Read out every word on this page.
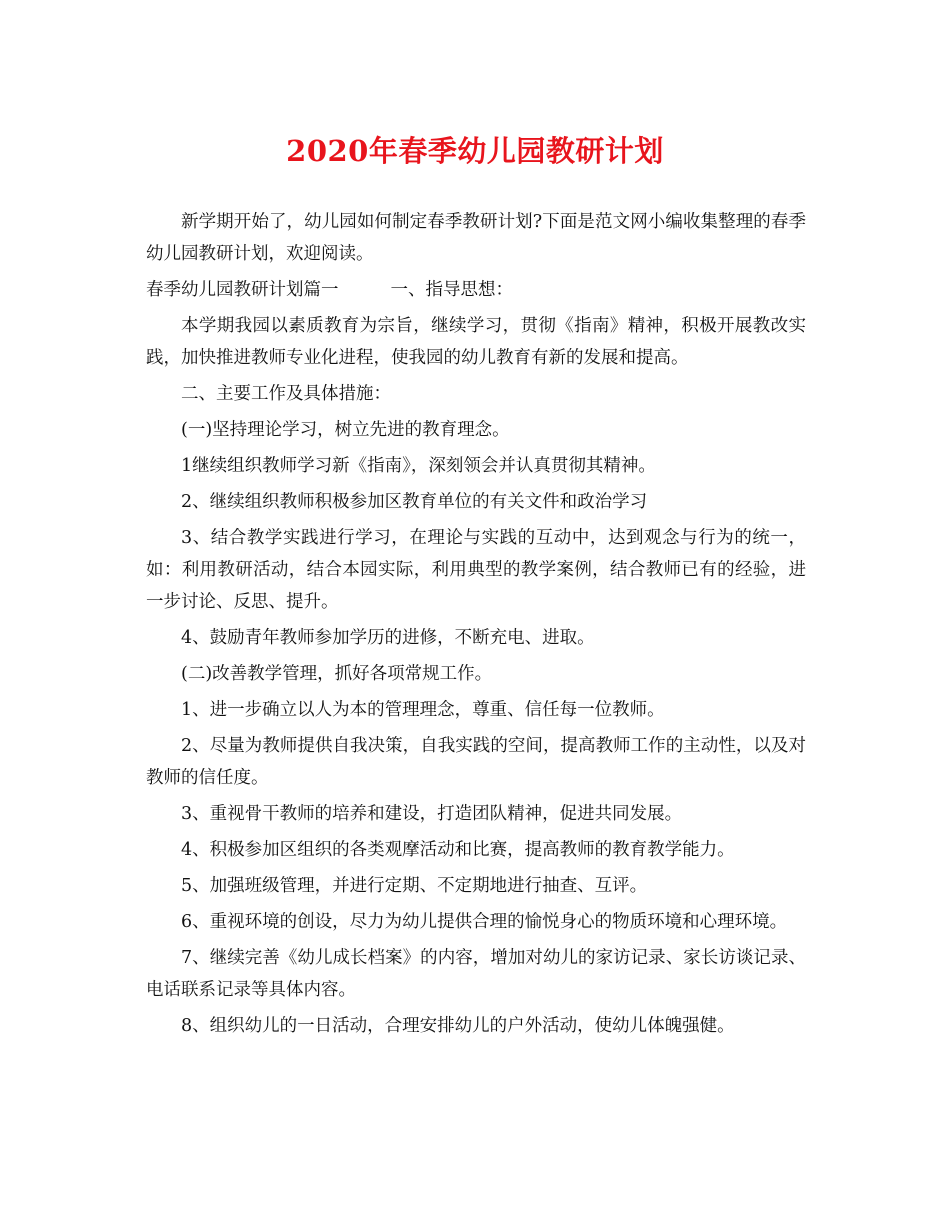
2020年春季幼儿园教研计划

新学期开始了，幼儿园如何制定春季教研计划?下面是范文网小编收集整理的春季幼儿园教研计划，欢迎阅读。

春季幼儿园教研计划篇一	一、指导思想：

本学期我园以素质教育为宗旨，继续学习，贯彻《指南》精神，积极开展教改实践，加快推进教师专业化进程，使我园的幼儿教育有新的发展和提高。

二、主要工作及具体措施：

(一)坚持理论学习，树立先进的教育理念。

1继续组织教师学习新《指南》，深刻领会并认真贯彻其精神。

2、继续组织教师积极参加区教育单位的有关文件和政治学习

3、结合教学实践进行学习，在理论与实践的互动中，达到观念与行为的统一，如：利用教研活动，结合本园实际，利用典型的教学案例，结合教师已有的经验，进一步讨论、反思、提升。

4、鼓励青年教师参加学历的进修，不断充电、进取。

(二)改善教学管理，抓好各项常规工作。

1、进一步确立以人为本的管理理念，尊重、信任每一位教师。

2、尽量为教师提供自我决策，自我实践的空间，提高教师工作的主动性，以及对教师的信任度。

3、重视骨干教师的培养和建设，打造团队精神，促进共同发展。

4、积极参加区组织的各类观摩活动和比赛，提高教师的教育教学能力。

5、加强班级管理，并进行定期、不定期地进行抽查、互评。

6、重视环境的创设，尽力为幼儿提供合理的愉悦身心的物质环境和心理环境。

7、继续完善《幼儿成长档案》的内容，增加对幼儿的家访记录、家长访谈记录、电话联系记录等具体内容。

8、组织幼儿的一日活动，合理安排幼儿的户外活动，使幼儿体魄强健。
